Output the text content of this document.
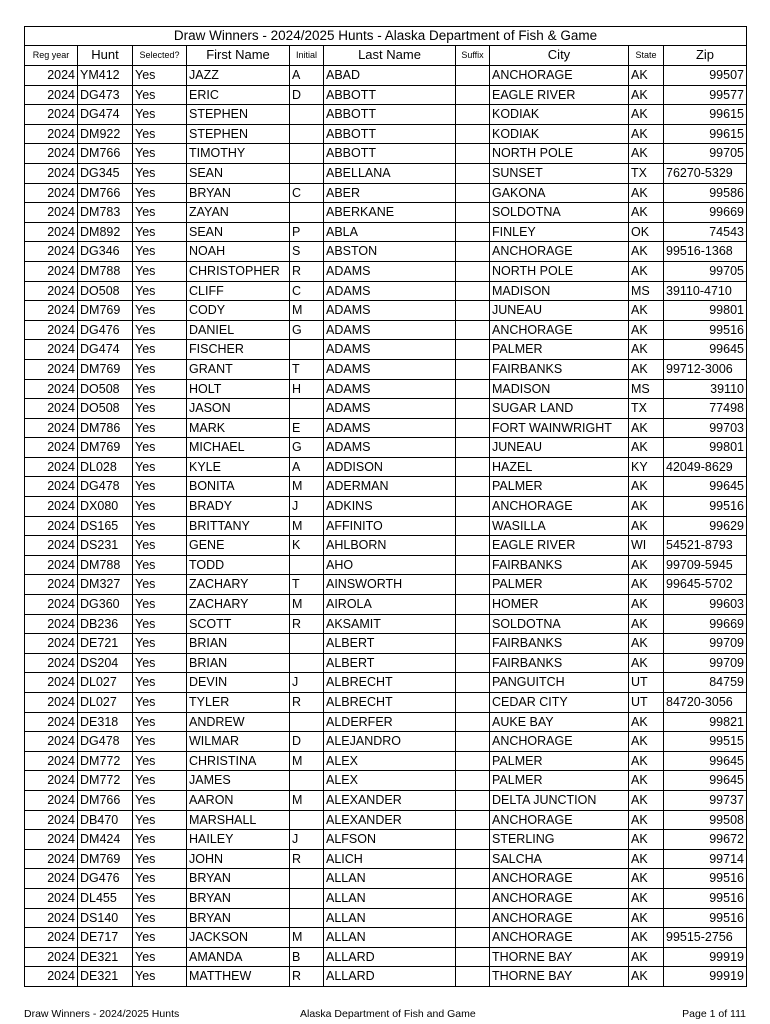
Draw Winners - 2024/2025 Hunts - Alaska Department of Fish & Game
Reg year	Hunt	Selected?	First Name	Initial	Last Name	Suffix	City	State	Zip
2024	YM412	Yes	JAZZ	A	ABAD		ANCHORAGE	AK	99507
2024	DG473	Yes	ERIC	D	ABBOTT		EAGLE RIVER	AK	99577
2024	DG474	Yes	STEPHEN		ABBOTT		KODIAK	AK	99615
2024	DM922	Yes	STEPHEN		ABBOTT		KODIAK	AK	99615
2024	DM766	Yes	TIMOTHY		ABBOTT		NORTH POLE	AK	99705
2024	DG345	Yes	SEAN		ABELLANA		SUNSET	TX	76270-5329
2024	DM766	Yes	BRYAN	C	ABER		GAKONA	AK	99586
2024	DM783	Yes	ZAYAN		ABERKANE		SOLDOTNA	AK	99669
2024	DM892	Yes	SEAN	P	ABLA		FINLEY	OK	74543
2024	DG346	Yes	NOAH	S	ABSTON		ANCHORAGE	AK	99516-1368
2024	DM788	Yes	CHRISTOPHER	R	ADAMS		NORTH POLE	AK	99705
2024	DO508	Yes	CLIFF	C	ADAMS		MADISON	MS	39110-4710
2024	DM769	Yes	CODY	M	ADAMS		JUNEAU	AK	99801
2024	DG476	Yes	DANIEL	G	ADAMS		ANCHORAGE	AK	99516
2024	DG474	Yes	FISCHER		ADAMS		PALMER	AK	99645
2024	DM769	Yes	GRANT	T	ADAMS		FAIRBANKS	AK	99712-3006
2024	DO508	Yes	HOLT	H	ADAMS		MADISON	MS	39110
2024	DO508	Yes	JASON		ADAMS		SUGAR LAND	TX	77498
2024	DM786	Yes	MARK	E	ADAMS		FORT WAINWRIGHT	AK	99703
2024	DM769	Yes	MICHAEL	G	ADAMS		JUNEAU	AK	99801
2024	DL028	Yes	KYLE	A	ADDISON		HAZEL	KY	42049-8629
2024	DG478	Yes	BONITA	M	ADERMAN		PALMER	AK	99645
2024	DX080	Yes	BRADY	J	ADKINS		ANCHORAGE	AK	99516
2024	DS165	Yes	BRITTANY	M	AFFINITO		WASILLA	AK	99629
2024	DS231	Yes	GENE	K	AHLBORN		EAGLE RIVER	WI	54521-8793
2024	DM788	Yes	TODD		AHO		FAIRBANKS	AK	99709-5945
2024	DM327	Yes	ZACHARY	T	AINSWORTH		PALMER	AK	99645-5702
2024	DG360	Yes	ZACHARY	M	AIROLA		HOMER	AK	99603
2024	DB236	Yes	SCOTT	R	AKSAMIT		SOLDOTNA	AK	99669
2024	DE721	Yes	BRIAN		ALBERT		FAIRBANKS	AK	99709
2024	DS204	Yes	BRIAN		ALBERT		FAIRBANKS	AK	99709
2024	DL027	Yes	DEVIN	J	ALBRECHT		PANGUITCH	UT	84759
2024	DL027	Yes	TYLER	R	ALBRECHT		CEDAR CITY	UT	84720-3056
2024	DE318	Yes	ANDREW		ALDERFER		AUKE BAY	AK	99821
2024	DG478	Yes	WILMAR	D	ALEJANDRO		ANCHORAGE	AK	99515
2024	DM772	Yes	CHRISTINA	M	ALEX		PALMER	AK	99645
2024	DM772	Yes	JAMES		ALEX		PALMER	AK	99645
2024	DM766	Yes	AARON	M	ALEXANDER		DELTA JUNCTION	AK	99737
2024	DB470	Yes	MARSHALL		ALEXANDER		ANCHORAGE	AK	99508
2024	DM424	Yes	HAILEY	J	ALFSON		STERLING	AK	99672
2024	DM769	Yes	JOHN	R	ALICH		SALCHA	AK	99714
2024	DG476	Yes	BRYAN		ALLAN		ANCHORAGE	AK	99516
2024	DL455	Yes	BRYAN		ALLAN		ANCHORAGE	AK	99516
2024	DS140	Yes	BRYAN		ALLAN		ANCHORAGE	AK	99516
2024	DE717	Yes	JACKSON	M	ALLAN		ANCHORAGE	AK	99515-2756
2024	DE321	Yes	AMANDA	B	ALLARD		THORNE BAY	AK	99919
2024	DE321	Yes	MATTHEW	R	ALLARD		THORNE BAY	AK	99919
Draw Winners - 2024/2025 Hunts	Alaska Department of Fish and Game	Page 1 of 111
